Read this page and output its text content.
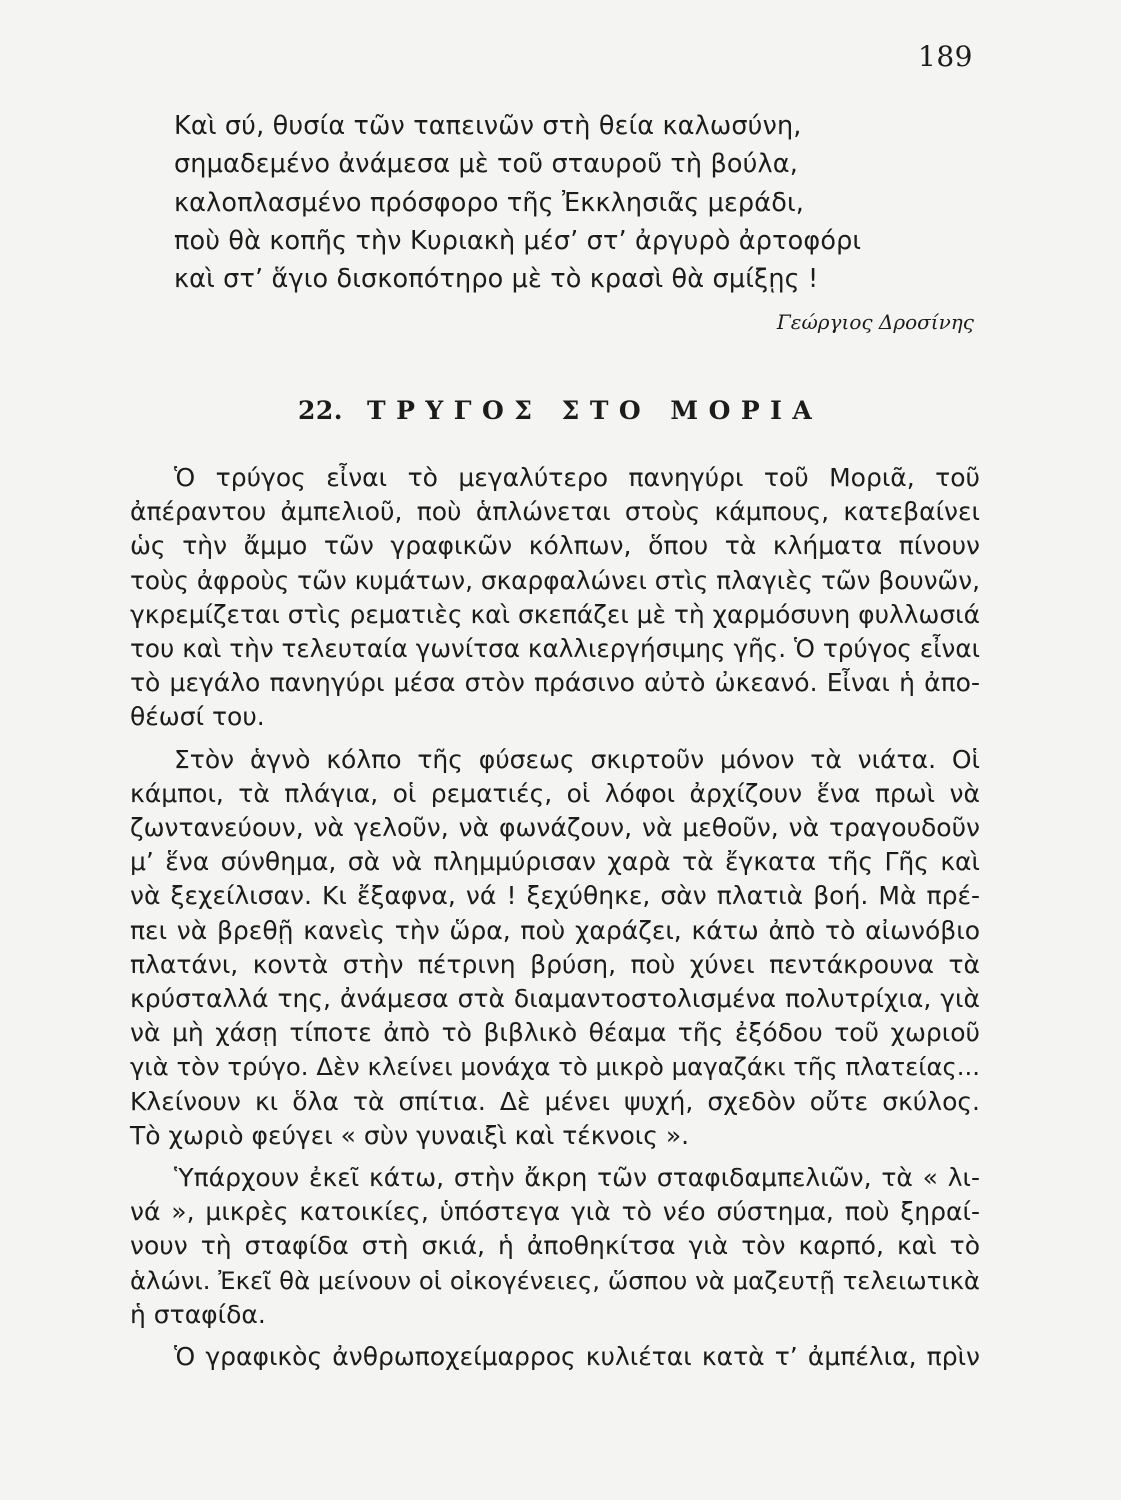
189
Καὶ σύ, θυσία τῶν ταπεινῶν στὴ θεία καλωσύνη,
σημαδεμένο ἀνάμεσα μὲ τοῦ σταυροῦ τὴ βούλα,
καλοπλασμένο πρόσφορο τῆς Ἐκκλησιᾶς μεράδι,
ποὺ θὰ κοπῆς τὴν Κυριακὴ μέσ’ στ’ ἀργυρὸ ἀρτοφόρι
καὶ στ’ ἅγιο δισκοπότηρο μὲ τὸ κρασὶ θὰ σμίξῃς !
Γεώργιος Δροσίνης
22. ΤΡΥΓΟΣ ΣΤΟ ΜΟΡΙΑ
Ὁ τρύγος εἶναι τὸ μεγαλύτερο πανηγύρι τοῦ Μοριᾶ, τοῦ
ἀπέραντου ἀμπελιοῦ, ποὺ ἁπλώνεται στοὺς κάμπους, κατεβαίνει
ὡς τὴν ἄμμο τῶν γραφικῶν κόλπων, ὅπου τὰ κλήματα πίνουν
τοὺς ἀφροὺς τῶν κυμάτων, σκαρφαλώνει στὶς πλαγιὲς τῶν βουνῶν,
γκρεμίζεται στὶς ρεματιὲς καὶ σκεπάζει μὲ τὴ χαρμόσυνη φυλλωσιά
του καὶ τὴν τελευταία γωνίτσα καλλιεργήσιμης γῆς. Ὁ τρύγος εἶναι
τὸ μεγάλο πανηγύρι μέσα στὸν πράσινο αὐτὸ ὠκεανό. Εἶναι ἡ ἀπο-
θέωσί του.
Στὸν ἁγνὸ κόλπο τῆς φύσεως σκιρτοῦν μόνον τὰ νιάτα. Οἱ
κάμποι, τὰ πλάγια, οἱ ρεματιές, οἱ λόφοι ἀρχίζουν ἕνα πρωὶ νὰ
ζωντανεύουν, νὰ γελοῦν, νὰ φωνάζουν, νὰ μεθοῦν, νὰ τραγουδοῦν
μ’ ἕνα σύνθημα, σὰ νὰ πλημμύρισαν χαρὰ τὰ ἔγκατα τῆς Γῆς καὶ
νὰ ξεχείλισαν. Κι ἔξαφνα, νά ! ξεχύθηκε, σὰν πλατιὰ βοή. Μὰ πρέ-
πει νὰ βρεθῇ κανεὶς τὴν ὥρα, ποὺ χαράζει, κάτω ἀπὸ τὸ αἰωνόβιο
πλατάνι, κοντὰ στὴν πέτρινη βρύση, ποὺ χύνει πεντάκρουνα τὰ
κρύσταλλά της, ἀνάμεσα στὰ διαμαντοστολισμένα πολυτρίχια, γιὰ
νὰ μὴ χάσῃ τίποτε ἀπὸ τὸ βιβλικὸ θέαμα τῆς ἐξόδου τοῦ χωριοῦ
γιὰ τὸν τρύγο. Δὲν κλείνει μονάχα τὸ μικρὸ μαγαζάκι τῆς πλατείας...
Κλείνουν κι ὅλα τὰ σπίτια. Δὲ μένει ψυχή, σχεδὸν οὔτε σκύλος.
Τὸ χωριὸ φεύγει « σὺν γυναιξὶ καὶ τέκνοις ».
Ὑπάρχουν ἐκεῖ κάτω, στὴν ἄκρη τῶν σταφιδαμπελιῶν, τὰ « λι-
νά », μικρὲς κατοικίες, ὑπόστεγα γιὰ τὸ νέο σύστημα, ποὺ ξηραί-
νουν τὴ σταφίδα στὴ σκιά, ἡ ἀποθηκίτσα γιὰ τὸν καρπό, καὶ τὸ
ἁλώνι. Ἐκεῖ θὰ μείνουν οἱ οἰκογένειες, ὥσπου νὰ μαζευτῇ τελειωτικὰ
ἡ σταφίδα.
Ὁ γραφικὸς ἀνθρωποχείμαρρος κυλιέται κατὰ τ’ ἀμπέλια, πρὶν
